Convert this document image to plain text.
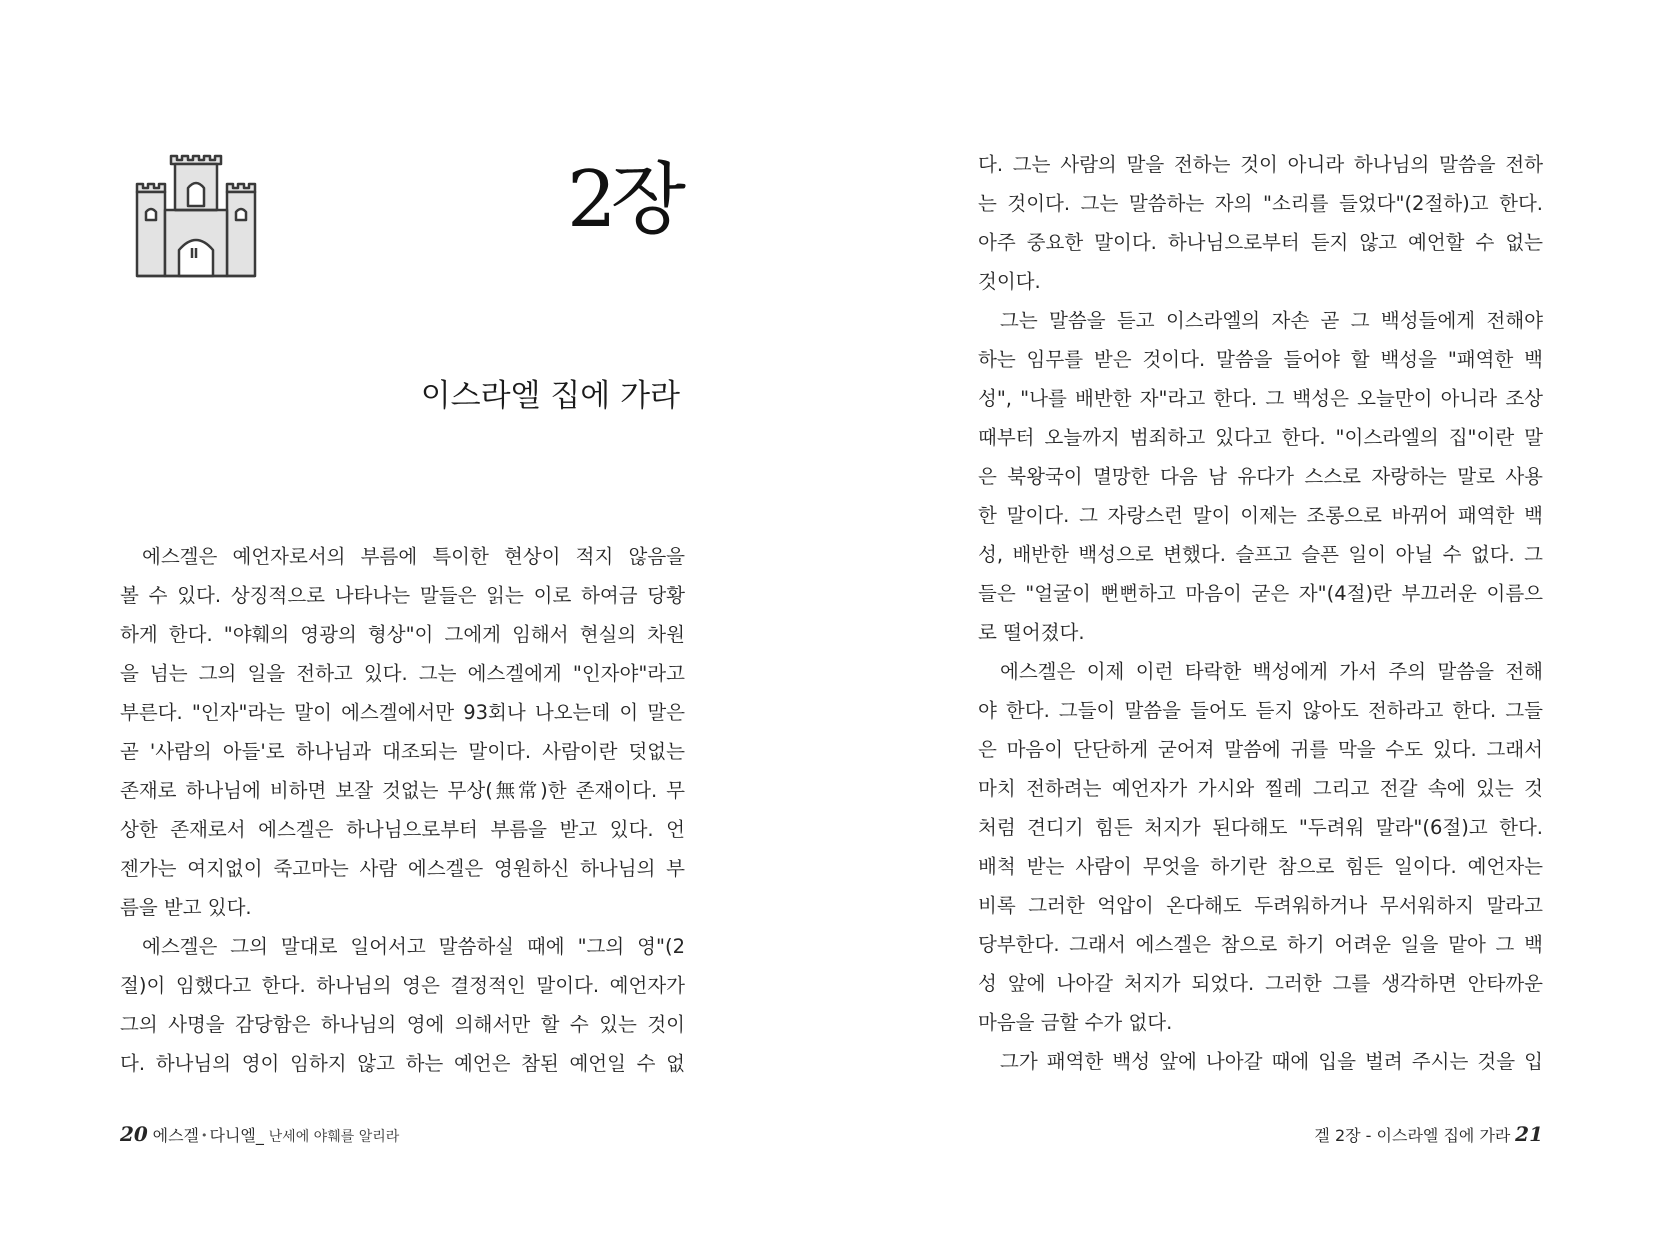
2장
이스라엘 집에 가라
에스겔은 예언자로서의 부름에 특이한 현상이 적지 않음을
볼 수 있다. 상징적으로 나타나는 말들은 읽는 이로 하여금 당황
하게 한다. "야훼의 영광의 형상"이 그에게 임해서 현실의 차원
을 넘는 그의 일을 전하고 있다. 그는 에스겔에게 "인자야"라고
부른다. "인자"라는 말이 에스겔에서만 93회나 나오는데 이 말은
곧 '사람의 아들'로 하나님과 대조되는 말이다. 사람이란 덧없는
존재로 하나님에 비하면 보잘 것없는 무상(無常)한 존재이다. 무
상한 존재로서 에스겔은 하나님으로부터 부름을 받고 있다. 언
젠가는 여지없이 죽고마는 사람 에스겔은 영원하신 하나님의 부
름을 받고 있다.
에스겔은 그의 말대로 일어서고 말씀하실 때에 "그의 영"(2
절)이 임했다고 한다. 하나님의 영은 결정적인 말이다. 예언자가
그의 사명을 감당함은 하나님의 영에 의해서만 할 수 있는 것이
다. 하나님의 영이 임하지 않고 하는 예언은 참된 예언일 수 없
20 에스겔 • 다니엘_ 난세에 야훼를 알리라
다. 그는 사람의 말을 전하는 것이 아니라 하나님의 말씀을 전하
는 것이다. 그는 말씀하는 자의 "소리를 들었다"(2절하)고 한다.
아주 중요한 말이다. 하나님으로부터 듣지 않고 예언할 수 없는
것이다.
그는 말씀을 듣고 이스라엘의 자손 곧 그 백성들에게 전해야
하는 임무를 받은 것이다. 말씀을 들어야 할 백성을 "패역한 백
성", "나를 배반한 자"라고 한다. 그 백성은 오늘만이 아니라 조상
때부터 오늘까지 범죄하고 있다고 한다. "이스라엘의 집"이란 말
은 북왕국이 멸망한 다음 남 유다가 스스로 자랑하는 말로 사용
한 말이다. 그 자랑스런 말이 이제는 조롱으로 바뀌어 패역한 백
성, 배반한 백성으로 변했다. 슬프고 슬픈 일이 아닐 수 없다. 그
들은 "얼굴이 뻔뻔하고 마음이 굳은 자"(4절)란 부끄러운 이름으
로 떨어졌다.
에스겔은 이제 이런 타락한 백성에게 가서 주의 말씀을 전해
야 한다. 그들이 말씀을 들어도 듣지 않아도 전하라고 한다. 그들
은 마음이 단단하게 굳어져 말씀에 귀를 막을 수도 있다. 그래서
마치 전하려는 예언자가 가시와 찔레 그리고 전갈 속에 있는 것
처럼 견디기 힘든 처지가 된다해도 "두려워 말라"(6절)고 한다.
배척 받는 사람이 무엇을 하기란 참으로 힘든 일이다. 예언자는
비록 그러한 억압이 온다해도 두려워하거나 무서워하지 말라고
당부한다. 그래서 에스겔은 참으로 하기 어려운 일을 맡아 그 백
성 앞에 나아갈 처지가 되었다. 그러한 그를 생각하면 안타까운
마음을 금할 수가 없다.
그가 패역한 백성 앞에 나아갈 때에 입을 벌려 주시는 것을 입
겔 2장 - 이스라엘 집에 가라 21
